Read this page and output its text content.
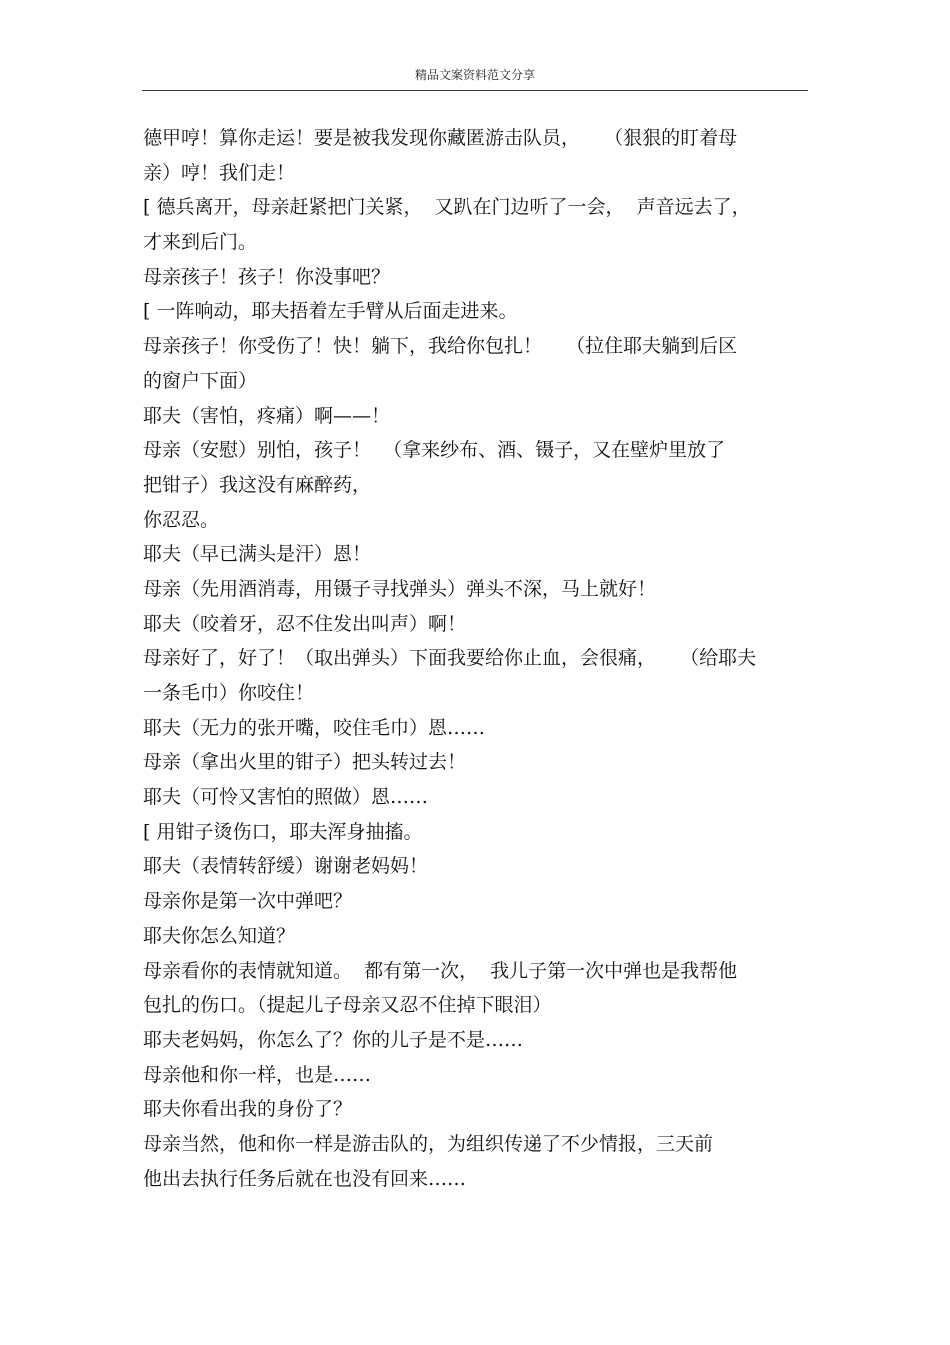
精品文案资料范文分享
德甲哼！算你走运！要是被我发现你藏匿游击队员，    （狠狠的盯着母
亲）哼！我们走！
[ 德兵离开，母亲赶紧把门关紧，  又趴在门边听了一会，  声音远去了，
才来到后门。
母亲孩子！孩子！你没事吧？
[ 一阵响动，耶夫捂着左手臂从后面走进来。
母亲孩子！你受伤了！快！躺下，我给你包扎！    （拉住耶夫躺到后区
的窗户下面）
耶夫（害怕，疼痛）啊——！
母亲（安慰）别怕，孩子！  （拿来纱布、酒、镊子，又在壁炉里放了
把钳子）我这没有麻醉药，
你忍忍。
耶夫（早已满头是汗）恩！
母亲（先用酒消毒，用镊子寻找弹头）弹头不深，马上就好！
耶夫（咬着牙，忍不住发出叫声）啊！
母亲好了，好了！（取出弹头）下面我要给你止血，会很痛，    （给耶夫
一条毛巾）你咬住！
耶夫（无力的张开嘴，咬住毛巾）恩……
母亲（拿出火里的钳子）把头转过去！
耶夫（可怜又害怕的照做）恩……
[ 用钳子烫伤口，耶夫浑身抽搐。
耶夫（表情转舒缓）谢谢老妈妈！
母亲你是第一次中弹吧？
耶夫你怎么知道？
母亲看你的表情就知道。  都有第一次，  我儿子第一次中弹也是我帮他
包扎的伤口。（提起儿子母亲又忍不住掉下眼泪）
耶夫老妈妈，你怎么了？你的儿子是不是……
母亲他和你一样，也是……
耶夫你看出我的身份了？
母亲当然，他和你一样是游击队的，为组织传递了不少情报，三天前
他出去执行任务后就在也没有回来……
